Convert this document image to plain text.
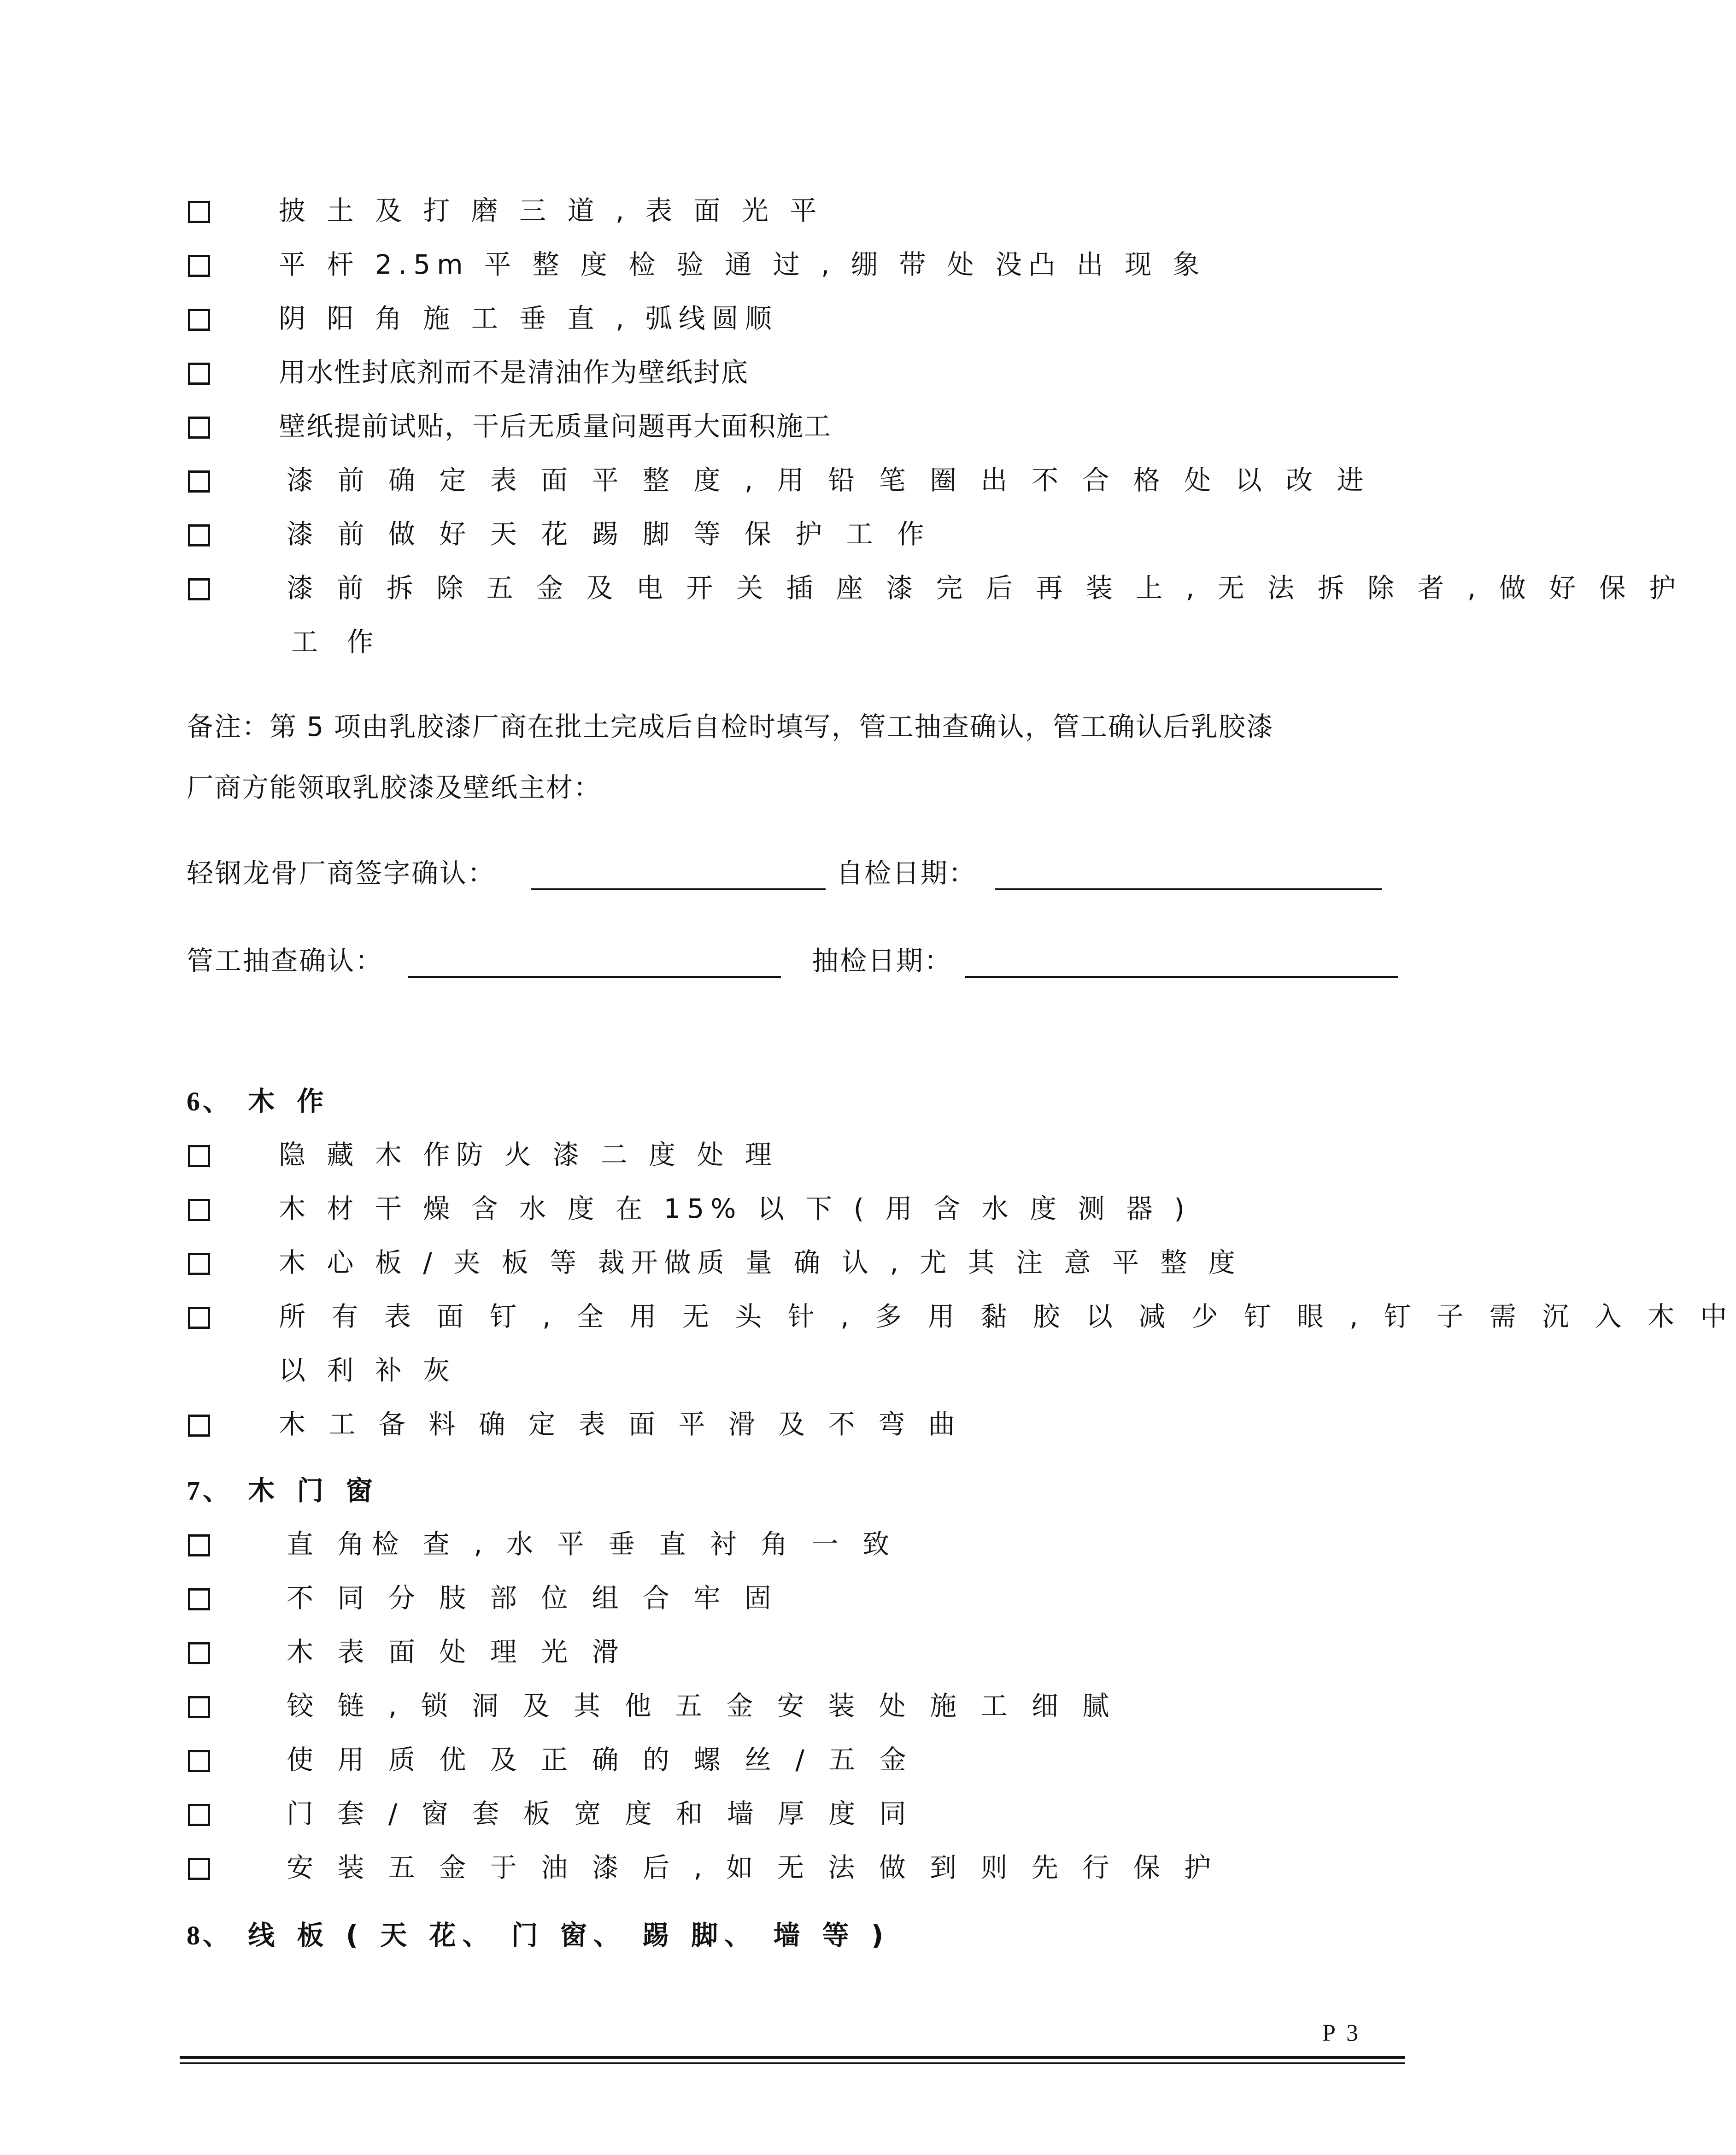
披 土 及 打 磨 三 道 , 表 面 光 平
平 杆 2.5m 平 整 度 检 验 通 过 , 绷 带 处 没凸 出 现 象
阴 阳 角 施 工 垂 直 , 弧线圆顺
用水性封底剂而不是清油作为壁纸封底
壁纸提前试贴，干后无质量问题再大面积施工
漆 前 确 定 表 面 平 整 度 , 用 铅 笔 圈 出 不 合 格 处 以 改 进
漆 前 做 好 天 花 踢 脚 等 保 护 工 作
漆 前 拆 除 五 金 及 电 开 关 插 座 漆 完 后 再 装 上 , 无 法 拆 除 者 , 做 好 保 护
工 作
备注：第 5 项由乳胶漆厂商在批土完成后自检时填写，管工抽查确认，管工确认后乳胶漆
厂商方能领取乳胶漆及壁纸主材：
轻钢龙骨厂商签字确认：	自检日期：
管工抽查确认：	抽检日期：
6、 木 作
隐 藏 木 作防 火 漆 二 度 处 理
木 材 干 燥 含 水 度 在 15% 以 下 ( 用 含 水 度 测 器 )
木 心 板 / 夹 板 等 裁开做质 量 确 认 , 尤 其 注 意 平 整 度
所 有 表 面 钉 , 全 用 无 头 针 , 多 用 黏 胶 以 减 少 钉 眼 , 钉 子 需 沉 入 木 中
以 利 补 灰
木 工 备 料 确 定 表 面 平 滑 及 不 弯 曲
7、 木 门 窗
直 角检 查 , 水 平 垂 直 衬 角 一 致
不 同 分 肢 部 位 组 合 牢 固
木 表 面 处 理 光 滑
铰 链 , 锁 洞 及 其 他 五 金 安 装 处 施 工 细 腻
使 用 质 优 及 正 确 的 螺 丝 / 五 金
门 套 / 窗 套 板 宽 度 和 墙 厚 度 同
安 装 五 金 于 油 漆 后 , 如 无 法 做 到 则 先 行 保 护
8、 线 板 ( 天 花、 门 窗、 踢 脚、 墙 等 )
P 3
